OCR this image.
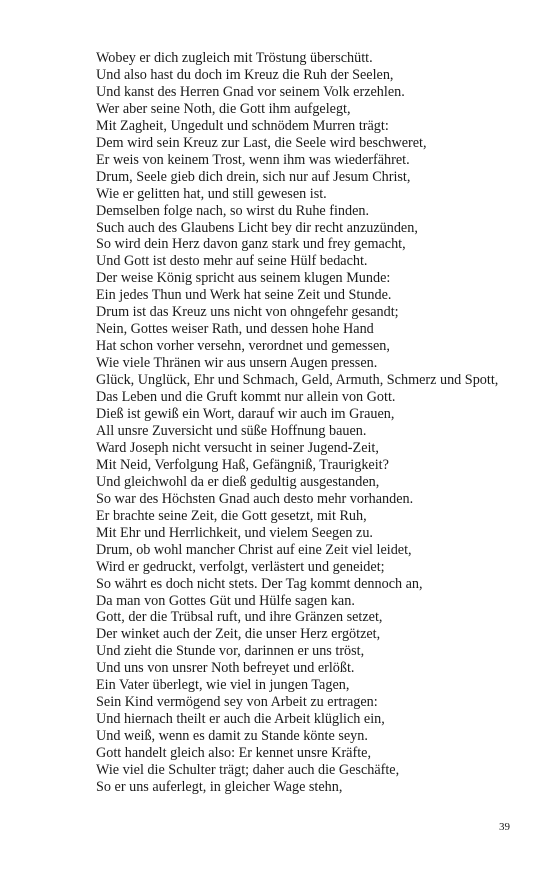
Wobey er dich zugleich mit Tröstung überschütt.
Und also hast du doch im Kreuz die Ruh der Seelen,
Und kanst des Herren Gnad vor seinem Volk erzehlen.
Wer aber seine Noth, die Gott ihm aufgelegt,
Mit Zagheit, Ungedult und schnödem Murren trägt:
Dem wird sein Kreuz zur Last, die Seele wird beschweret,
Er weis von keinem Trost, wenn ihm was wiederfähret.
Drum, Seele gieb dich drein, sich nur auf Jesum Christ,
Wie er gelitten hat, und still gewesen ist.
Demselben folge nach, so wirst du Ruhe finden.
Such auch des Glaubens Licht bey dir recht anzuzünden,
So wird dein Herz davon ganz stark und frey gemacht,
Und Gott ist desto mehr auf seine Hülf bedacht.
Der weise König spricht aus seinem klugen Munde:
Ein jedes Thun und Werk hat seine Zeit und Stunde.
Drum ist das Kreuz uns nicht von ohngefehr gesandt;
Nein, Gottes weiser Rath, und dessen hohe Hand
Hat schon vorher versehn, verordnet und gemessen,
Wie viele Thränen wir aus unsern Augen pressen.
Glück, Unglück, Ehr und Schmach, Geld, Armuth, Schmerz und Spott,
Das Leben und die Gruft kommt nur allein von Gott.
Dieß ist gewiß ein Wort, darauf wir auch im Grauen,
All unsre Zuversicht und süße Hoffnung bauen.
Ward Joseph nicht versucht in seiner Jugend-Zeit,
Mit Neid, Verfolgung Haß, Gefängniß, Traurigkeit?
Und gleichwohl da er dieß gedultig ausgestanden,
So war des Höchsten Gnad auch desto mehr vorhanden.
Er brachte seine Zeit, die Gott gesetzt, mit Ruh,
Mit Ehr und Herrlichkeit, und vielem Seegen zu.
Drum, ob wohl mancher Christ auf eine Zeit viel leidet,
Wird er gedruckt, verfolgt, verlästert und geneidet;
So währt es doch nicht stets. Der Tag kommt dennoch an,
Da man von Gottes Güt und Hülfe sagen kan.
Gott, der die Trübsal ruft, und ihre Gränzen setzet,
Der winket auch der Zeit, die unser Herz ergötzet,
Und zieht die Stunde vor, darinnen er uns tröst,
Und uns von unsrer Noth befreyet und erlößt.
Ein Vater überlegt, wie viel in jungen Tagen,
Sein Kind vermögend sey von Arbeit zu ertragen:
Und hiernach theilt er auch die Arbeit klüglich ein,
Und weiß, wenn es damit zu Stande könte seyn.
Gott handelt gleich also: Er kennet unsre Kräfte,
Wie viel die Schulter trägt; daher auch die Geschäfte,
So er uns auferlegt, in gleicher Wage stehn,
39
